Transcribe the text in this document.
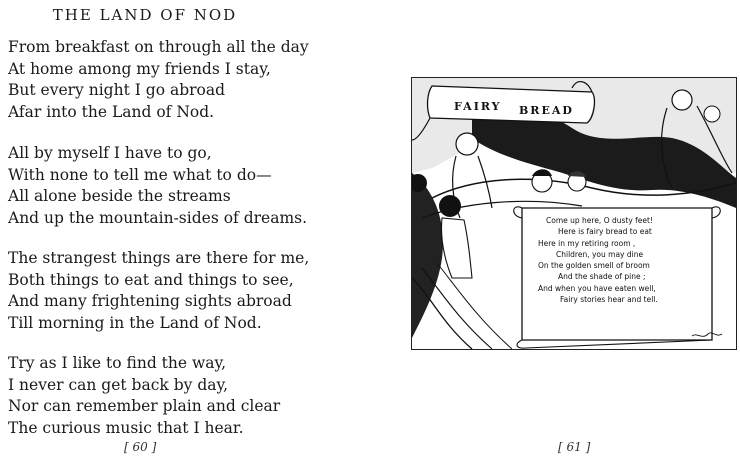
THE LAND OF NOD

From breakfast on through all the day
At home among my friends I stay,
But every night I go abroad
Afar into the Land of Nod.

All by myself I have to go,
With none to tell me what to do—
All alone beside the streams
And up the mountain-sides of dreams.

The strangest things are there for me,
Both things to eat and things to see,
And many frightening sights abroad
Till morning in the Land of Nod.

Try as I like to find the way,
I never can get back by day,
Nor can remember plain and clear
The curious music that I hear.

[ 60 ]
FAIRY BREAD
Come up here, O dusty feet!
Here is fairy bread to eat
Here in my retiring room ,
Children, you may dine
On the golden smell of broom
And the shade of pine ;
And when you have eaten well,
Fairy stories hear and tell.
[ 61 ]
